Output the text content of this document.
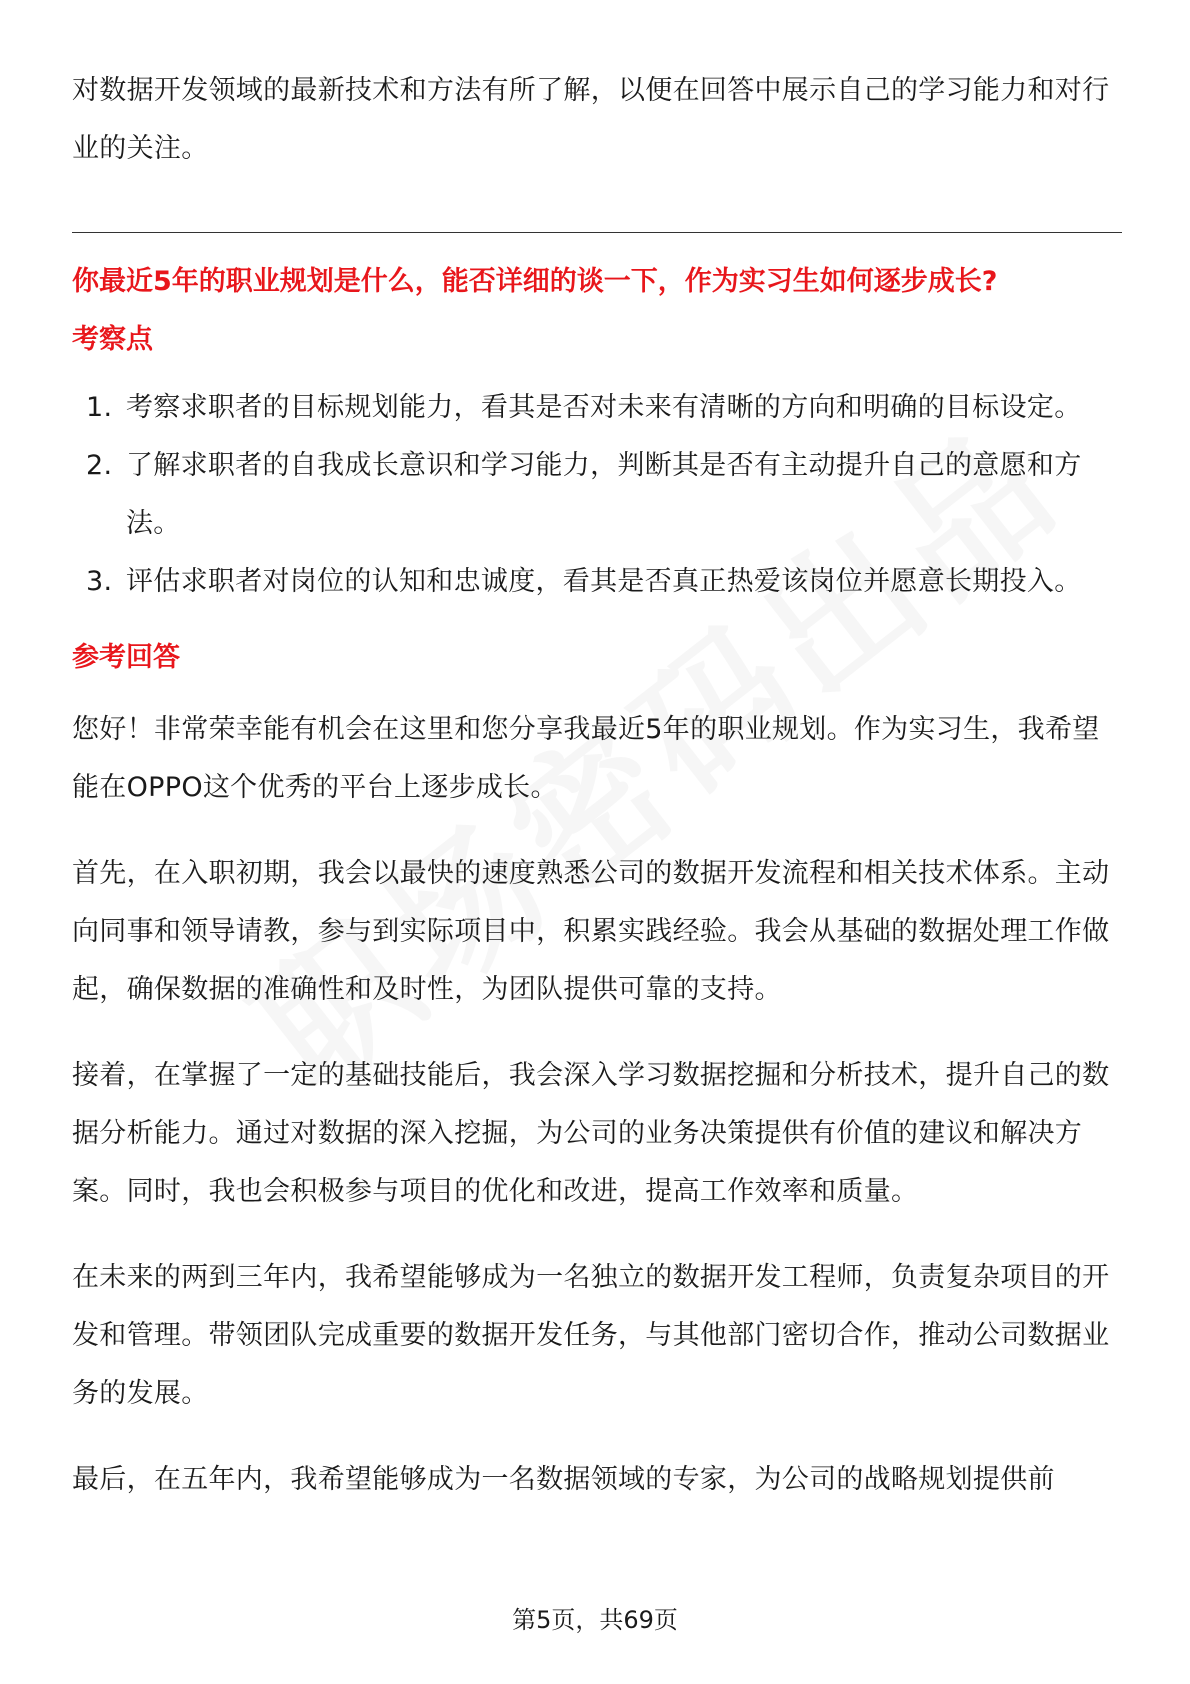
对数据开发领域的最新技术和方法有所了解，以便在回答中展示自己的学习能力和对行业的关注。

你最近5年的职业规划是什么，能否详细的谈一下，作为实习生如何逐步成长?

考察点

1. 考察求职者的目标规划能力，看其是否对未来有清晰的方向和明确的目标设定。
2. 了解求职者的自我成长意识和学习能力，判断其是否有主动提升自己的意愿和方法。
3. 评估求职者对岗位的认知和忠诚度，看其是否真正热爱该岗位并愿意长期投入。

参考回答

您好！非常荣幸能有机会在这里和您分享我最近5年的职业规划。作为实习生，我希望能在OPPO这个优秀的平台上逐步成长。

首先，在入职初期，我会以最快的速度熟悉公司的数据开发流程和相关技术体系。主动向同事和领导请教，参与到实际项目中，积累实践经验。我会从基础的数据处理工作做起，确保数据的准确性和及时性，为团队提供可靠的支持。

接着，在掌握了一定的基础技能后，我会深入学习数据挖掘和分析技术，提升自己的数据分析能力。通过对数据的深入挖掘，为公司的业务决策提供有价值的建议和解决方案。同时，我也会积极参与项目的优化和改进，提高工作效率和质量。

在未来的两到三年内，我希望能够成为一名独立的数据开发工程师，负责复杂项目的开发和管理。带领团队完成重要的数据开发任务，与其他部门密切合作，推动公司数据业务的发展。

最后，在五年内，我希望能够成为一名数据领域的专家，为公司的战略规划提供前

第5页，共69页
